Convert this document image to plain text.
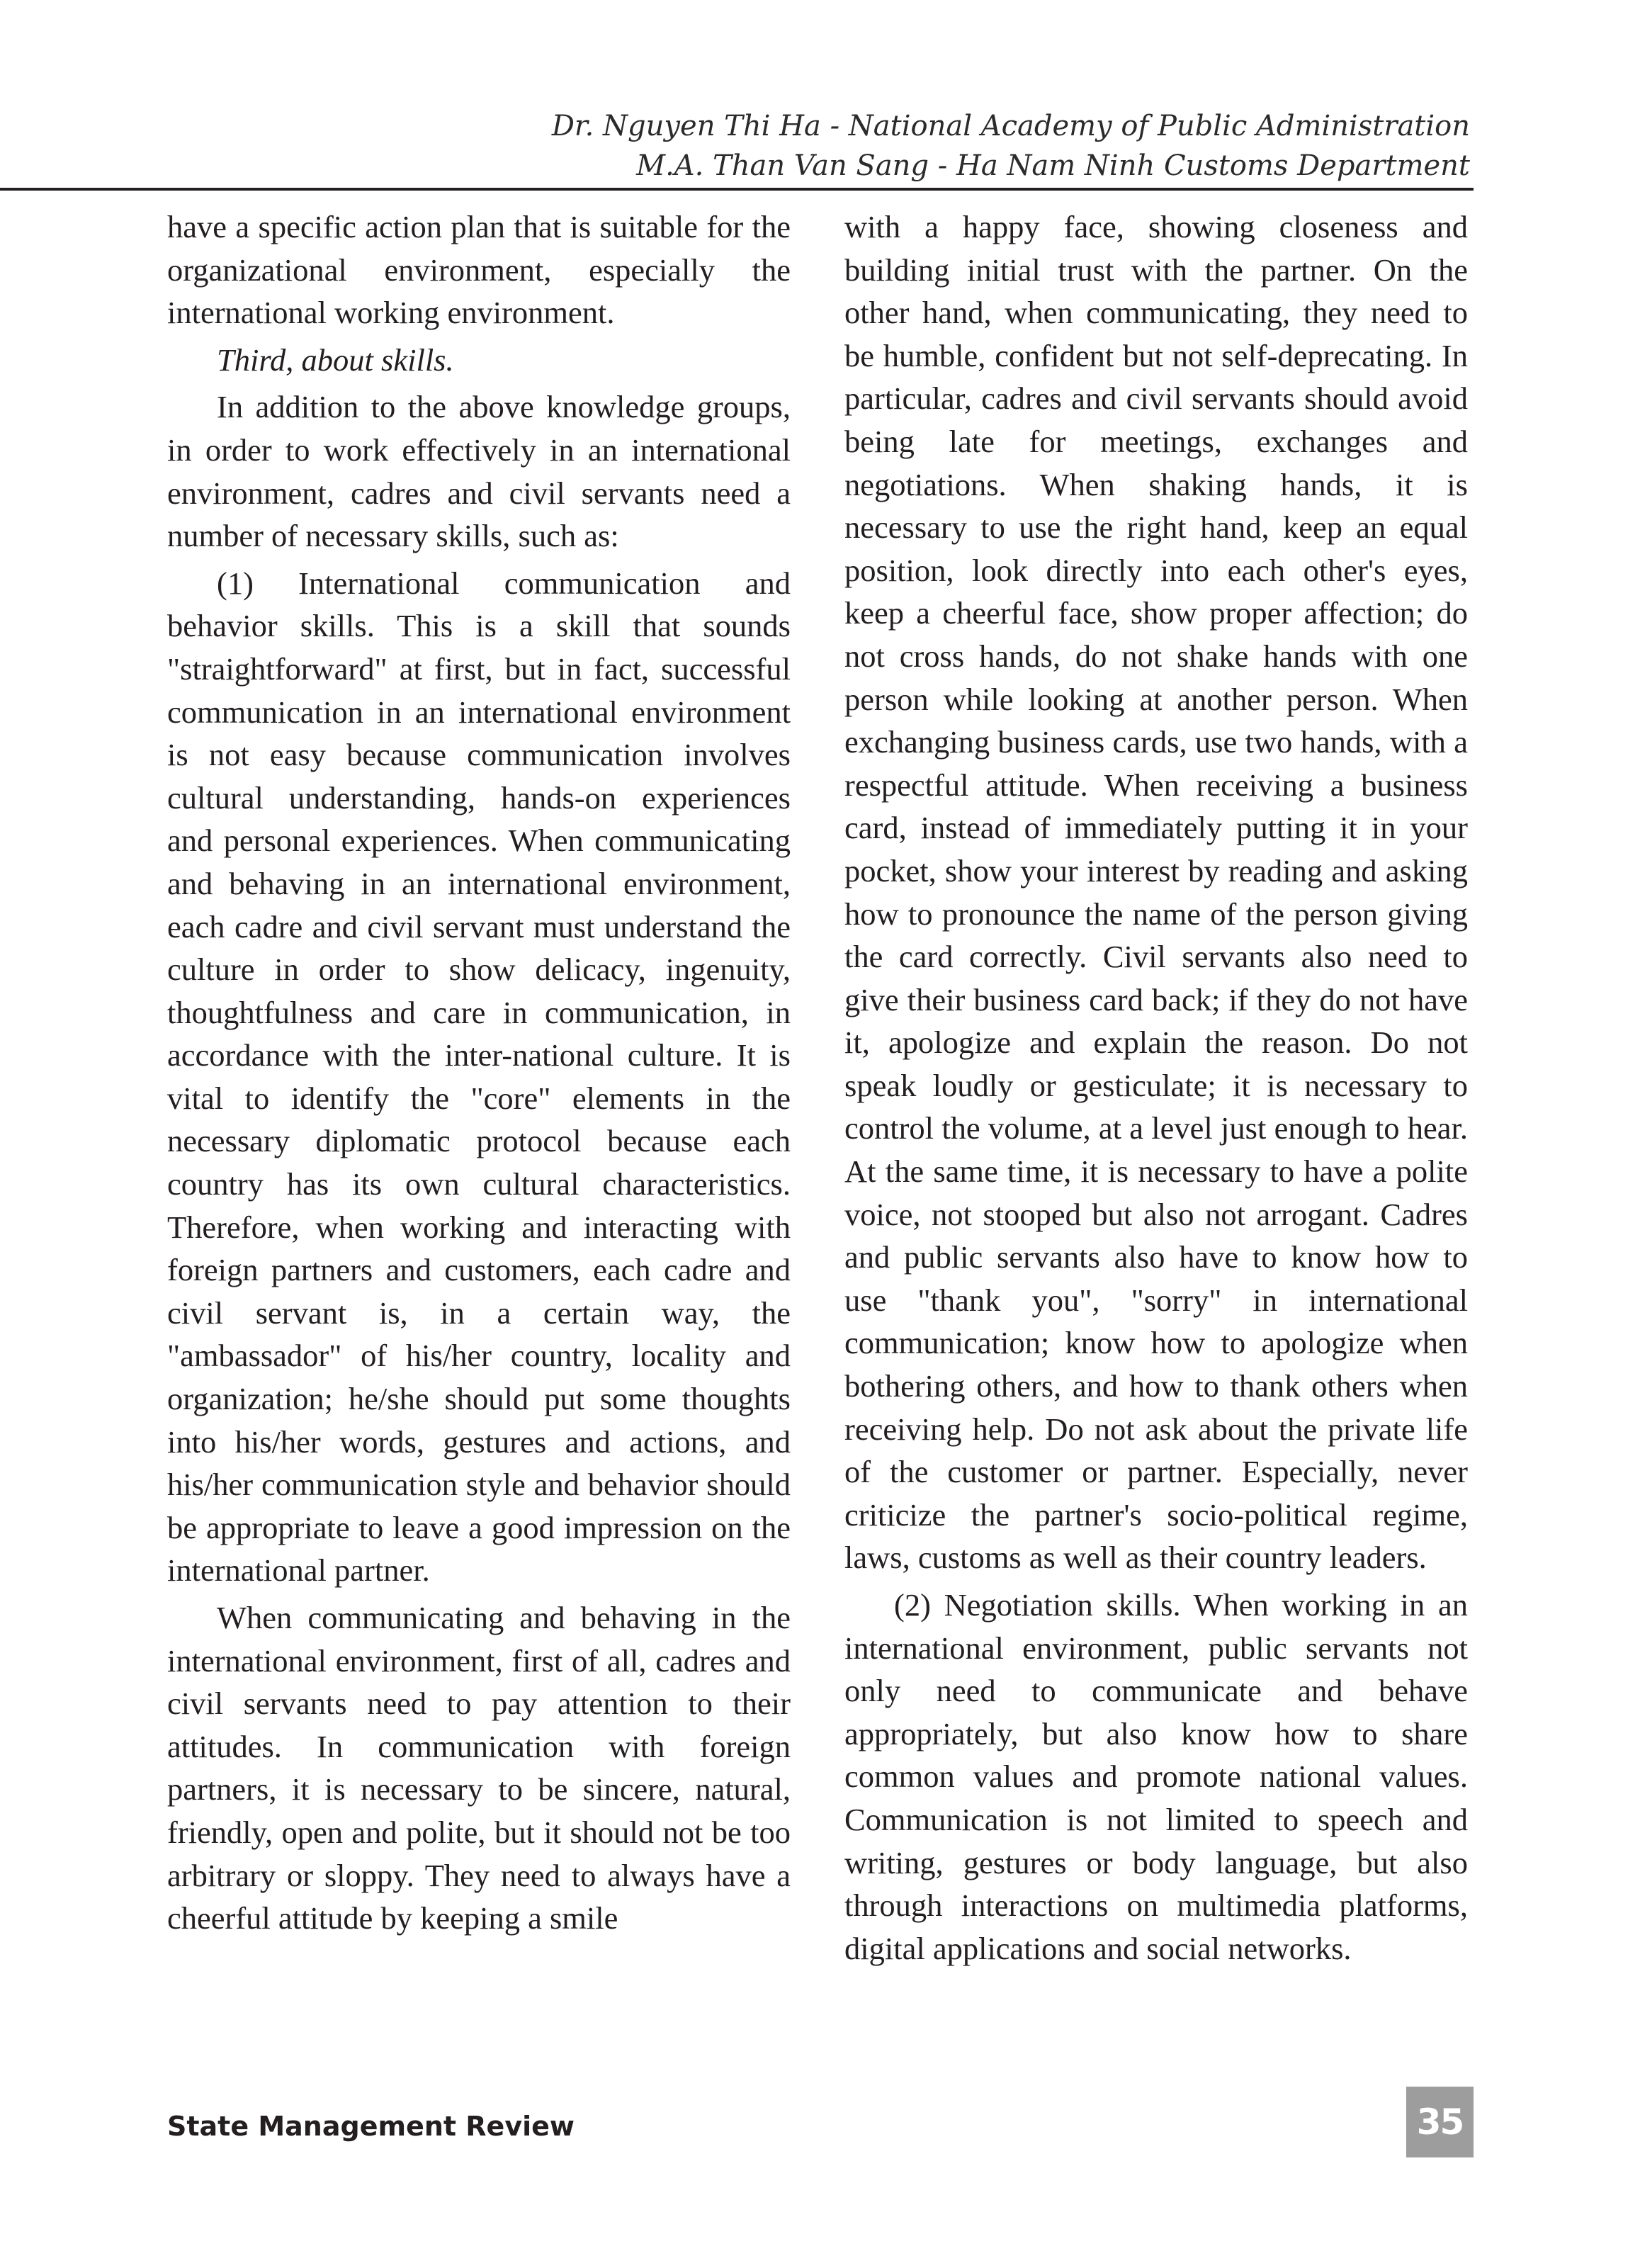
Dr. Nguyen Thi Ha - National Academy of Public Administration
M.A. Than Van Sang - Ha Nam Ninh Customs Department

have a specific action plan that is suitable for the organizational environment, especially the international working environment.

Third, about skills.

In addition to the above knowledge groups, in order to work effectively in an international environment, cadres and civil servants need a number of necessary skills, such as:

(1) International communication and behavior skills. This is a skill that sounds "straightforward" at first, but in fact, successful communication in an international environment is not easy because communication involves cultural understanding, hands-on experiences and personal experiences. When communicating and behaving in an international environment, each cadre and civil servant must understand the culture in order to show delicacy, ingenuity, thoughtfulness and care in communication, in accordance with the inter-national culture. It is vital to identify the "core" elements in the necessary diplomatic protocol because each country has its own cultural characteristics. Therefore, when working and interacting with foreign partners and customers, each cadre and civil servant is, in a certain way, the "ambassador" of his/her country, locality and organization; he/she should put some thoughts into his/her words, gestures and actions, and his/her communication style and behavior should be appropriate to leave a good impression on the international partner.

When communicating and behaving in the international environment, first of all, cadres and civil servants need to pay attention to their attitudes. In communication with foreign partners, it is necessary to be sincere, natural, friendly, open and polite, but it should not be too arbitrary or sloppy. They need to always have a cheerful attitude by keeping a smile

with a happy face, showing closeness and building initial trust with the partner. On the other hand, when communicating, they need to be humble, confident but not self-deprecating. In particular, cadres and civil servants should avoid being late for meetings, exchanges and negotiations. When shaking hands, it is necessary to use the right hand, keep an equal position, look directly into each other's eyes, keep a cheerful face, show proper affection; do not cross hands, do not shake hands with one person while looking at another person. When exchanging business cards, use two hands, with a respectful attitude. When receiving a business card, instead of immediately putting it in your pocket, show your interest by reading and asking how to pronounce the name of the person giving the card correctly. Civil servants also need to give their business card back; if they do not have it, apologize and explain the reason. Do not speak loudly or gesticulate; it is necessary to control the volume, at a level just enough to hear. At the same time, it is necessary to have a polite voice, not stooped but also not arrogant. Cadres and public servants also have to know how to use "thank you", "sorry" in international communication; know how to apologize when bothering others, and how to thank others when receiving help. Do not ask about the private life of the customer or partner. Especially, never criticize the partner's socio-political regime, laws, customs as well as their country leaders.

(2) Negotiation skills. When working in an international environment, public servants not only need to communicate and behave appropriately, but also know how to share common values and promote national values. Communication is not limited to speech and writing, gestures or body language, but also through interactions on multimedia platforms, digital applications and social networks.

State Management Review	35
